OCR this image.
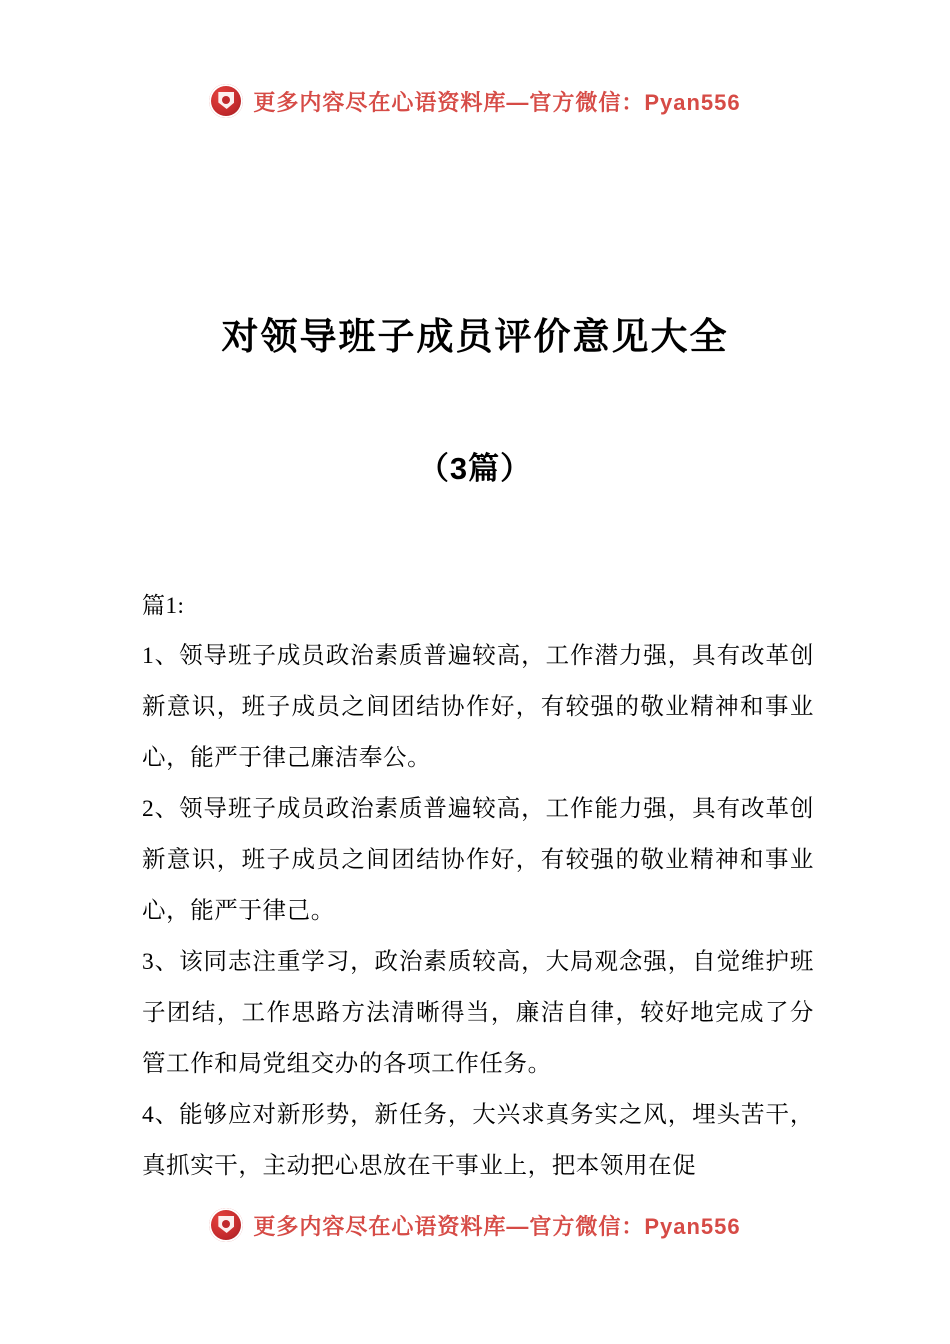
更多内容尽在心语资料库—官方微信：Pyan556
对领导班子成员评价意见大全
（3篇）
篇1:

1、领导班子成员政治素质普遍较高，工作潜力强，具有改革创新意识，班子成员之间团结协作好，有较强的敬业精神和事业心，能严于律己廉洁奉公。

2、领导班子成员政治素质普遍较高，工作能力强，具有改革创新意识，班子成员之间团结协作好，有较强的敬业精神和事业心，能严于律己。

3、该同志注重学习，政治素质较高，大局观念强，自觉维护班子团结，工作思路方法清晰得当，廉洁自律，较好地完成了分管工作和局党组交办的各项工作任务。

4、能够应对新形势，新任务，大兴求真务实之风，埋头苦干，真抓实干，主动把心思放在干事业上，把本领用在促

更多内容尽在心语资料库—官方微信：Pyan556
